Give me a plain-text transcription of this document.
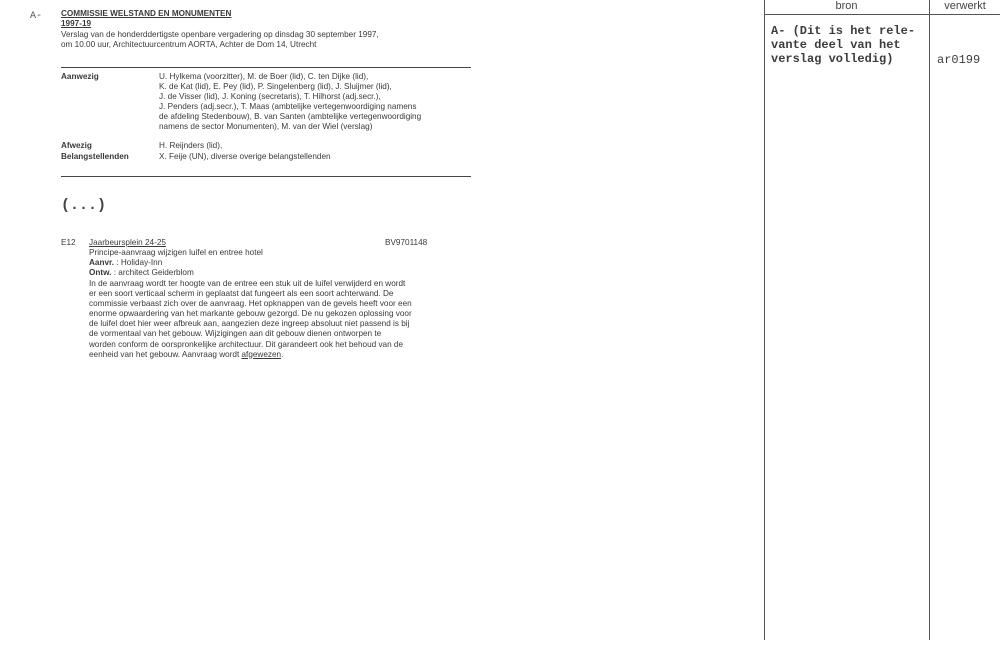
A- COMMISSIE WELSTAND EN MONUMENTEN
1997-19
Verslag van de honderddertigste openbare vergadering op dinsdag 30 september 1997,
om 10.00 uur, Architectuurcentrum AORTA, Achter de Dom 14, Utrecht
Aanwezig	U. Hylkema (voorzitter), M. de Boer (lid), C. ten Dijke (lid),
K. de Kat (lid), E. Pey (lid), P. Singelenberg (lid), J. Sluijmer (lid),
J. de Visser (lid), J. Koning (secretaris), T. Hilhorst (adj.secr.),
J. Penders (adj.secr.), T. Maas (ambtelijke vertegenwoordiging namens
de afdeling Stedenbouw), B. van Santen (ambtelijke vertegenwoordiging
namens de sector Monumenten), M. van der Wiel (verslag)
Afwezig	H. Reijnders (lid),
Belangstellenden	X. Feije (UN), diverse overige belangstellenden
(...)
E12 Jaarbeursplein 24-25	BV9701148
Principe-aanvraag wijzigen luifel en entree hotel
Aanvr. : Holiday-Inn
Ontw. : architect Geiderblom
In de aanvraag wordt ter hoogte van de entree een stuk uit de luifel verwijderd en wordt
er een soort verticaal scherm in geplaatst dat fungeert als een soort achterwand. De
commissie verbaast zich over de aanvraag. Het opknappen van de gevels heeft voor een
enorme opwaardering van het markante gebouw gezorgd. De nu gekozen oplossing voor
de luifel doet hier weer afbreuk aan, aangezien deze ingreep absoluut niet passend is bij
de vormentaal van het gebouw. Wijzigingen aan dit gebouw dienen ontworpen te
worden conform de oorspronkelijke architectuur. Dit garandeert ook het behoud van de
eenheid van het gebouw. Aanvraag wordt afgewezen.
bron	verwerkt
A- (Dit is het rele-
vante deel van het
verslag volledig)	ar0199
